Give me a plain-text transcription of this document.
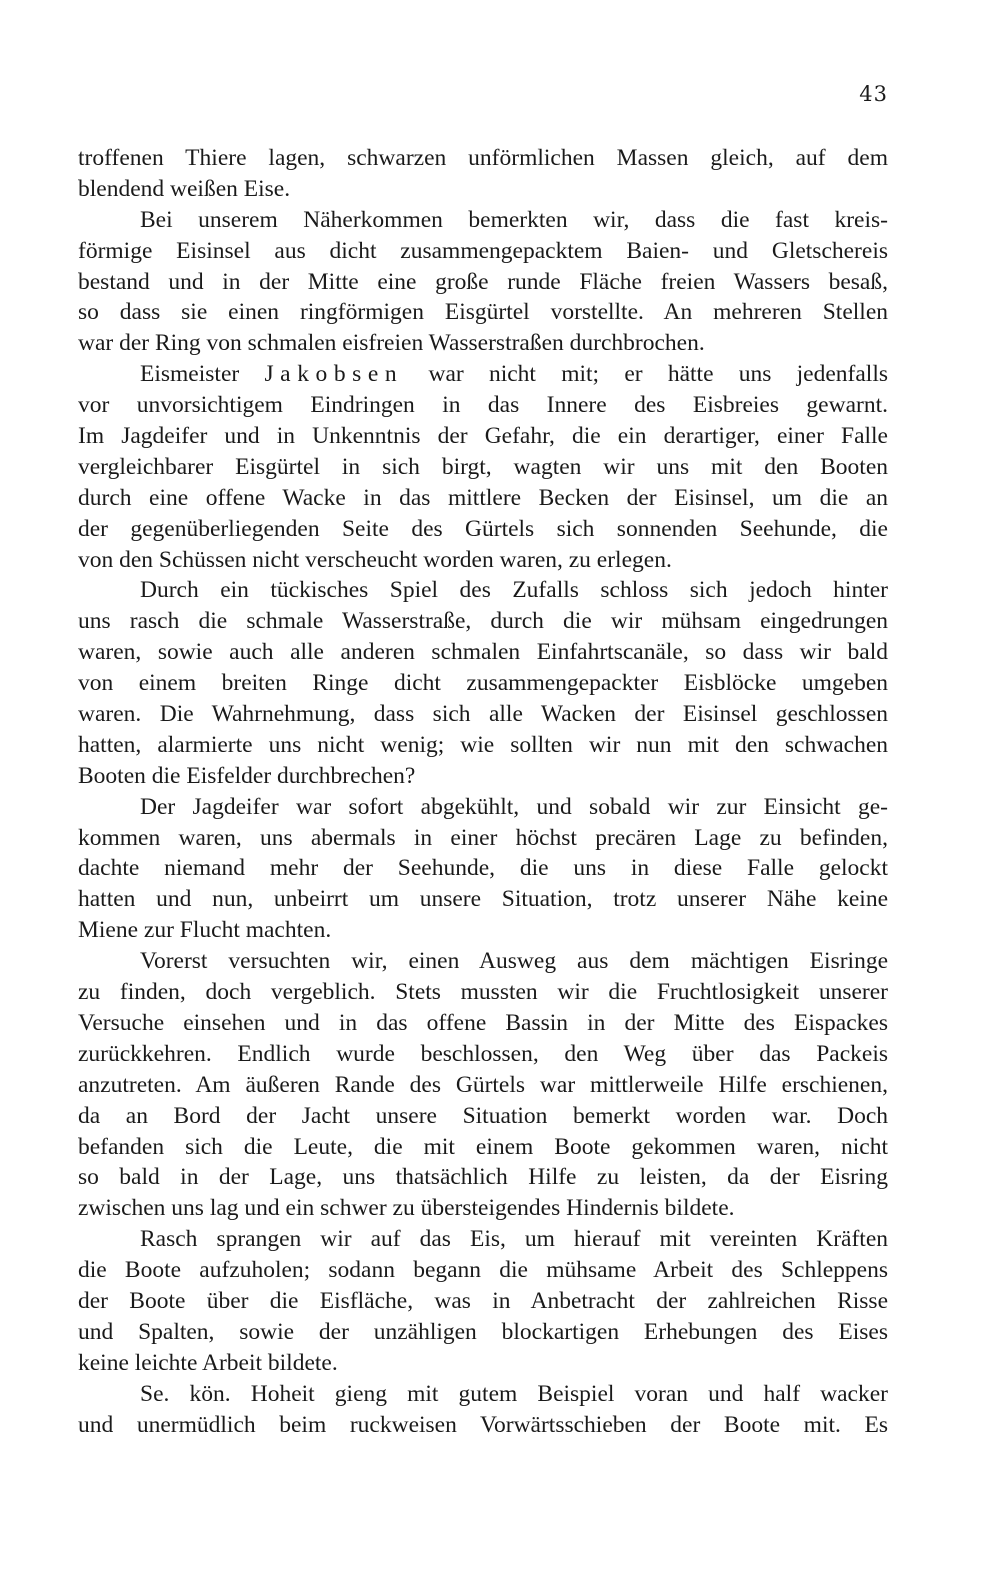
43
troffenen Thiere lagen, schwarzen unförmlichen Massen gleich, auf dem
blendend weißen Eise.
Bei unserem Näherkommen bemerkten wir, dass die fast kreis-
förmige Eisinsel aus dicht zusammengepacktem Baien- und Gletschereis
bestand und in der Mitte eine große runde Fläche freien Wassers besaß,
so dass sie einen ringförmigen Eisgürtel vorstellte. An mehreren Stellen
war der Ring von schmalen eisfreien Wasserstraßen durchbrochen.
Eismeister Jakobsen war nicht mit; er hätte uns jedenfalls
vor unvorsichtigem Eindringen in das Innere des Eisbreies gewarnt.
Im Jagdeifer und in Unkenntnis der Gefahr, die ein derartiger, einer Falle
vergleichbarer Eisgürtel in sich birgt, wagten wir uns mit den Booten
durch eine offene Wacke in das mittlere Becken der Eisinsel, um die an
der gegenüberliegenden Seite des Gürtels sich sonnenden Seehunde, die
von den Schüssen nicht verscheucht worden waren, zu erlegen.
Durch ein tückisches Spiel des Zufalls schloss sich jedoch hinter
uns rasch die schmale Wasserstraße, durch die wir mühsam eingedrungen
waren, sowie auch alle anderen schmalen Einfahrtscanäle, so dass wir bald
von einem breiten Ringe dicht zusammengepackter Eisblöcke umgeben
waren. Die Wahrnehmung, dass sich alle Wacken der Eisinsel geschlossen
hatten, alarmierte uns nicht wenig; wie sollten wir nun mit den schwachen
Booten die Eisfelder durchbrechen?
Der Jagdeifer war sofort abgekühlt, und sobald wir zur Einsicht ge-
kommen waren, uns abermals in einer höchst precären Lage zu befinden,
dachte niemand mehr der Seehunde, die uns in diese Falle gelockt
hatten und nun, unbeirrt um unsere Situation, trotz unserer Nähe keine
Miene zur Flucht machten.
Vorerst versuchten wir, einen Ausweg aus dem mächtigen Eisringe
zu finden, doch vergeblich. Stets mussten wir die Fruchtlosigkeit unserer
Versuche einsehen und in das offene Bassin in der Mitte des Eispackes
zurückkehren. Endlich wurde beschlossen, den Weg über das Packeis
anzutreten. Am äußeren Rande des Gürtels war mittlerweile Hilfe erschienen,
da an Bord der Jacht unsere Situation bemerkt worden war. Doch
befanden sich die Leute, die mit einem Boote gekommen waren, nicht
so bald in der Lage, uns thatsächlich Hilfe zu leisten, da der Eisring
zwischen uns lag und ein schwer zu übersteigendes Hindernis bildete.
Rasch sprangen wir auf das Eis, um hierauf mit vereinten Kräften
die Boote aufzuholen; sodann begann die mühsame Arbeit des Schleppens
der Boote über die Eisfläche, was in Anbetracht der zahlreichen Risse
und Spalten, sowie der unzähligen blockartigen Erhebungen des Eises
keine leichte Arbeit bildete.
Se. kön. Hoheit gieng mit gutem Beispiel voran und half wacker
und unermüdlich beim ruckweisen Vorwärtsschieben der Boote mit. Es
